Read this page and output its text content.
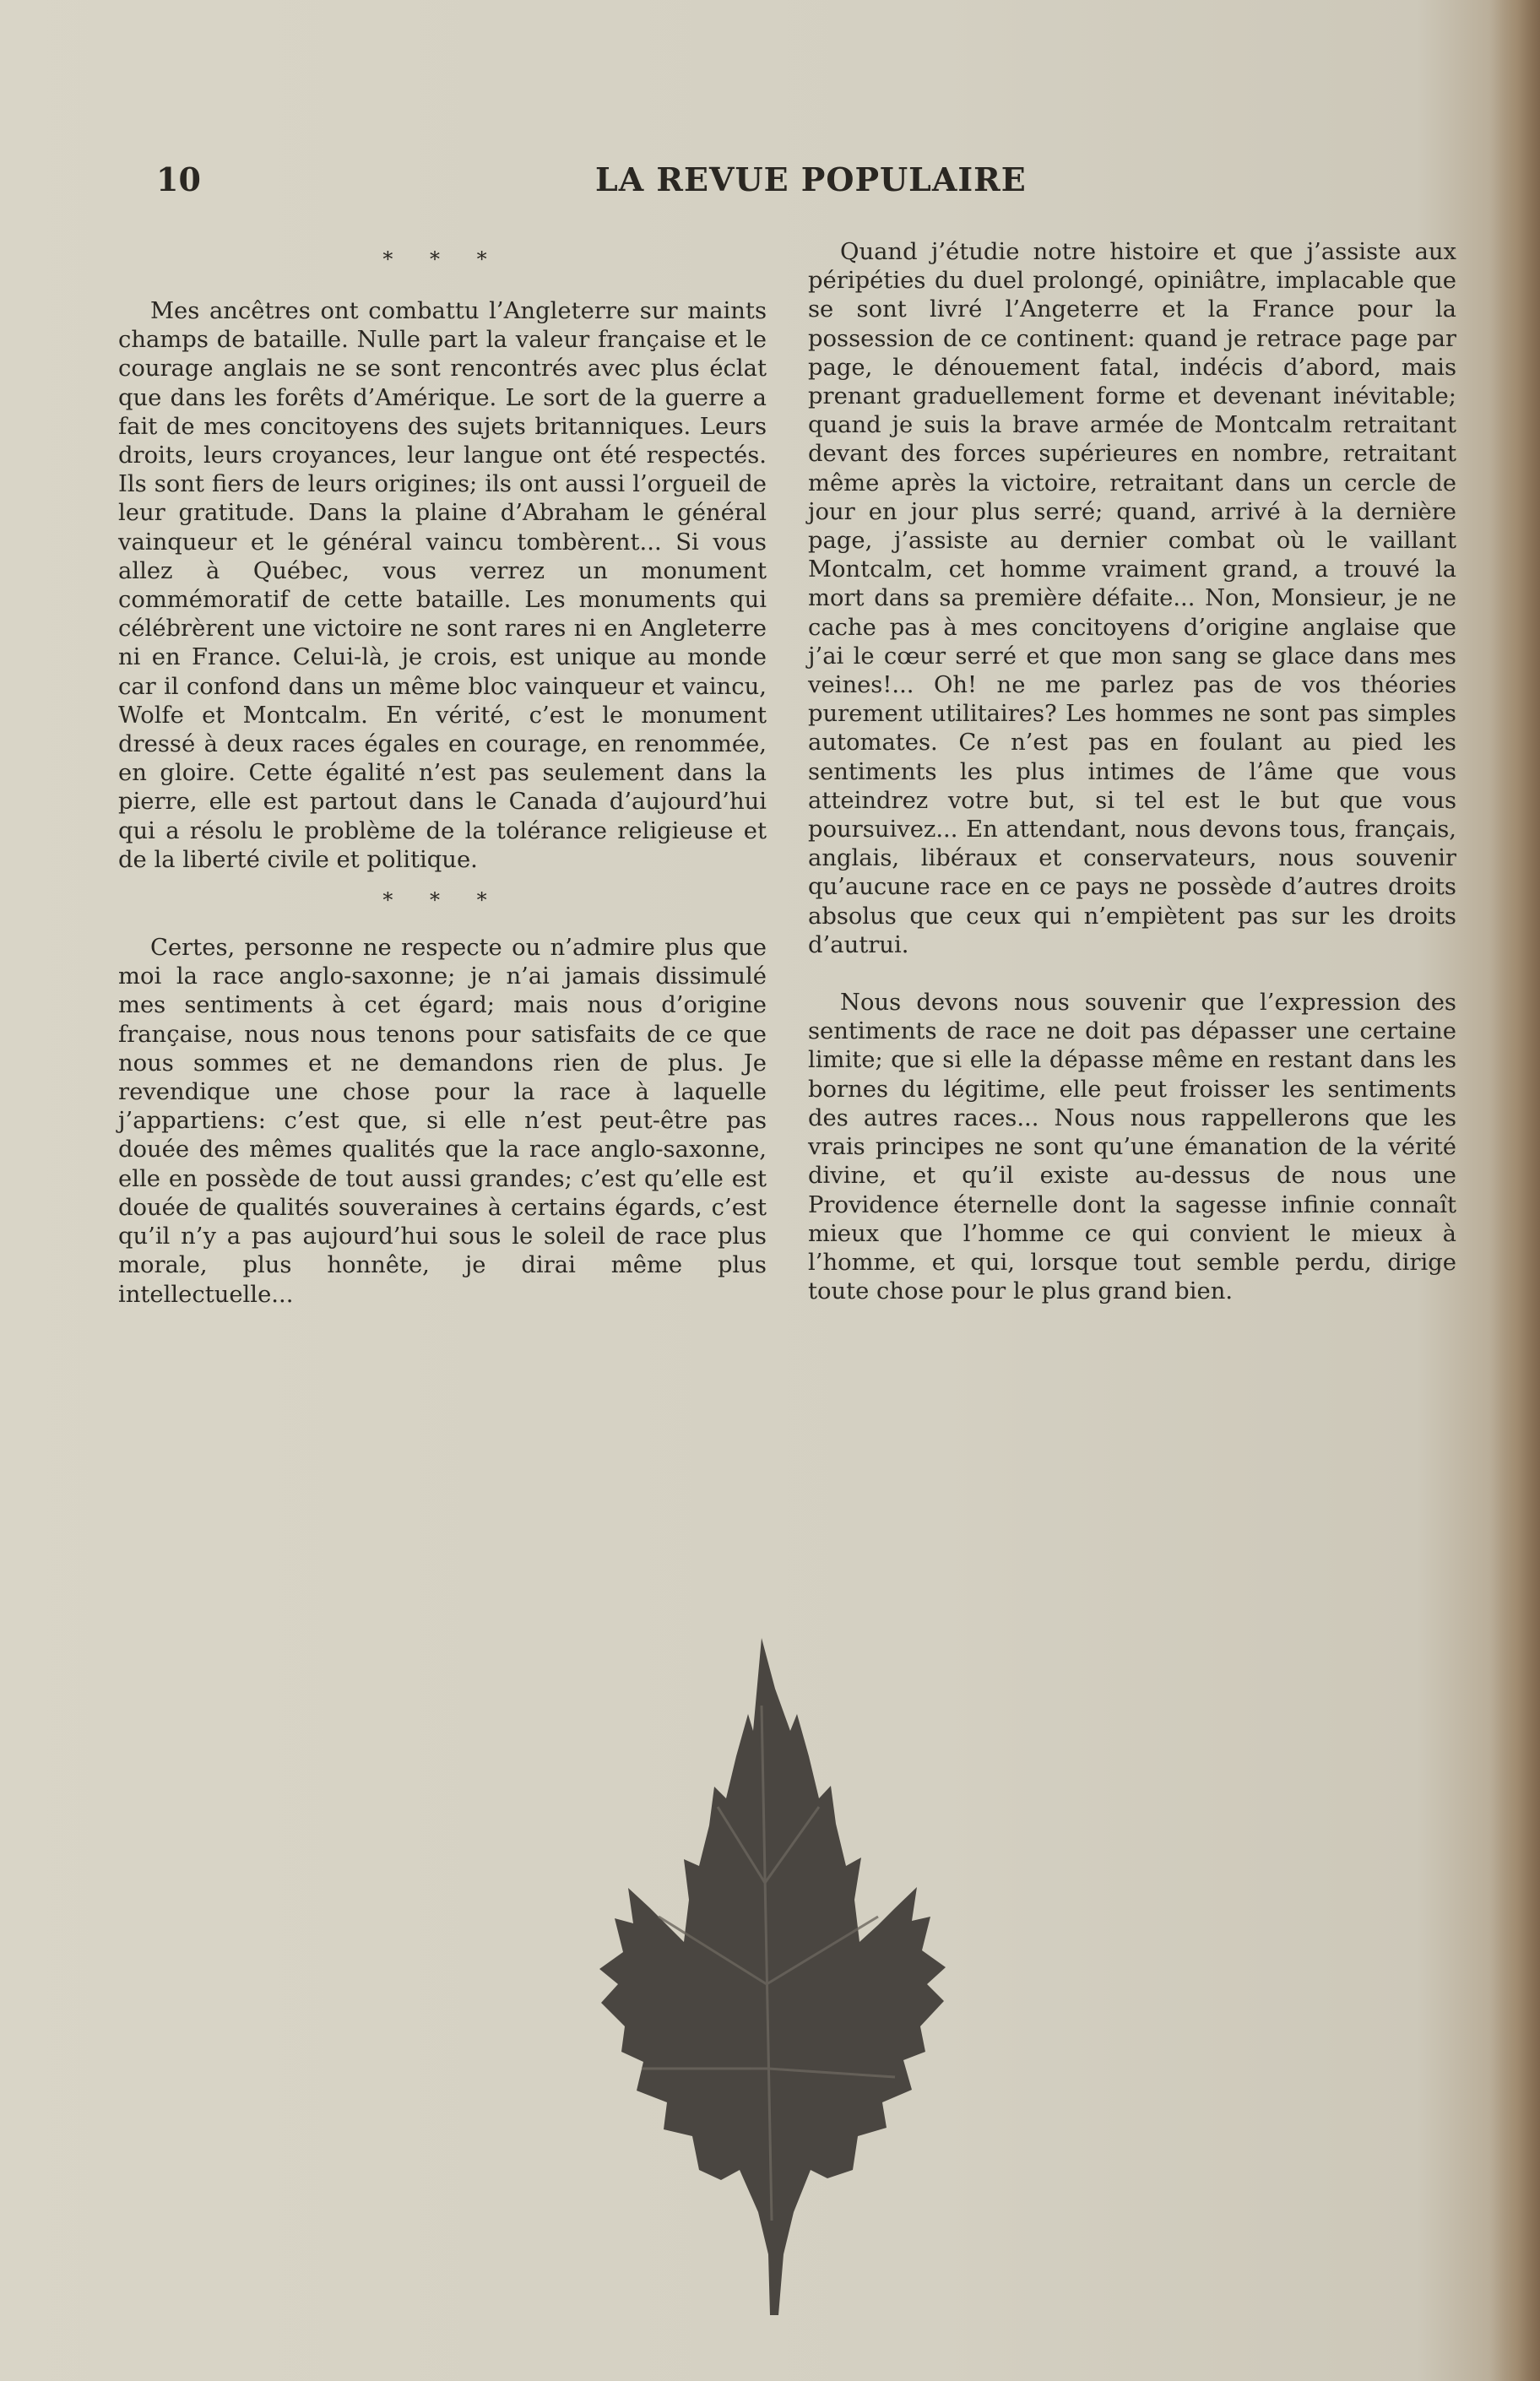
10	LA REVUE POPULAIRE
* * *

Mes ancêtres ont combattu l’Angleterre sur maints champs de bataille. Nulle part la valeur française et le courage anglais ne se sont rencontrés avec plus éclat que dans les forêts d’Amérique. Le sort de la guerre a fait de mes concitoyens des sujets britanniques. Leurs droits, leurs croyances, leur langue ont été respectés. Ils sont fiers de leurs origines; ils ont aussi l’orgueil de leur gratitude. Dans la plaine d’Abraham le général vainqueur et le général vaincu tombèrent... Si vous allez à Québec, vous verrez un monument commémoratif de cette bataille. Les monuments qui célébrèrent une victoire ne sont rares ni en Angleterre ni en France. Celui-là, je crois, est unique au monde car il confond dans un même bloc vainqueur et vaincu, Wolfe et Montcalm. En vérité, c’est le monument dressé à deux races égales en courage, en renommée, en gloire. Cette égalité n’est pas seulement dans la pierre, elle est partout dans le Canada d’aujourd’hui qui a résolu le problème de la tolérance religieuse et de la liberté civile et politique.

* * *

Certes, personne ne respecte ou n’admire plus que moi la race anglo-saxonne; je n’ai jamais dissimulé mes sentiments à cet égard; mais nous d’origine française, nous nous tenons pour satisfaits de ce que nous sommes et ne demandons rien de plus. Je revendique une chose pour la race à laquelle j’appartiens: c’est que, si elle n’est peut-être pas douée des mêmes qualités que la race anglo-saxonne, elle en possède de tout aussi grandes; c’est qu’elle est douée de qualités souveraines à certains égards, c’est qu’il n’y a pas aujourd’hui sous le soleil de race plus morale, plus honnête, je dirai même plus intellectuelle...

Quand j’étudie notre histoire et que j’assiste aux péripéties du duel prolongé, opiniâtre, implacable que se sont livré l’Angeterre et la France pour la possession de ce continent: quand je retrace page par page, le dénouement fatal, indécis d’abord, mais prenant graduellement forme et devenant inévitable; quand je suis la brave armée de Montcalm retraitant devant des forces supérieures en nombre, retraitant même après la victoire, retraitant dans un cercle de jour en jour plus serré; quand, arrivé à la dernière page, j’assiste au dernier combat où le vaillant Montcalm, cet homme vraiment grand, a trouvé la mort dans sa première défaite... Non, Monsieur, je ne cache pas à mes concitoyens d’origine anglaise que j’ai le cœur serré et que mon sang se glace dans mes veines!... Oh! ne me parlez pas de vos théories purement utilitaires? Les hommes ne sont pas simples automates. Ce n’est pas en foulant au pied les sentiments les plus intimes de l’âme que vous atteindrez votre but, si tel est le but que vous poursuivez... En attendant, nous devons tous, français, anglais, libéraux et conservateurs, nous souvenir qu’aucune race en ce pays ne possède d’autres droits absolus que ceux qui n’empiètent pas sur les droits d’autrui.

Nous devons nous souvenir que l’expression des sentiments de race ne doit pas dépasser une certaine limite; que si elle la dépasse même en restant dans les bornes du légitime, elle peut froisser les sentiments des autres races... Nous nous rappellerons que les vrais principes ne sont qu’une émanation de la vérité divine, et qu’il existe au-dessus de nous une Providence éternelle dont la sagesse infinie connaît mieux que l’homme ce qui convient le mieux à l’homme, et qui, lorsque tout semble perdu, dirige toute chose pour le plus grand bien.
